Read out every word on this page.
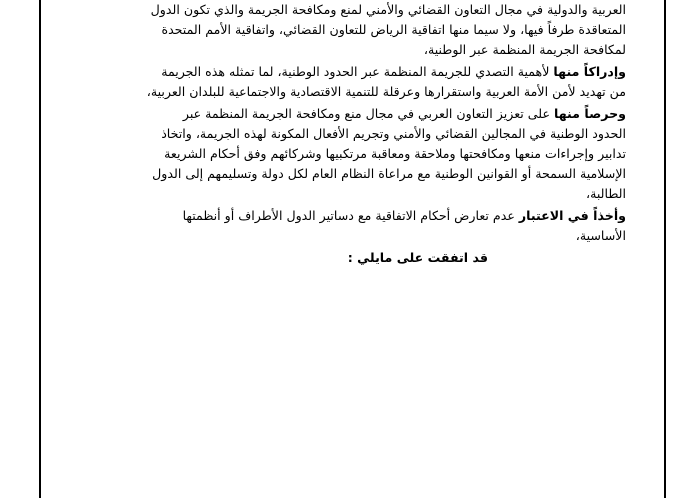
العربية والدولية في مجال التعاون القضائي والأمني لمنع ومكافحة الجريمة والذي تكون الدول
المتعاقدة طرفاً فيها، ولا سيما منها اتفاقية الرياض للتعاون القضائي، واتفاقية الأمم المتحدة
لمكافحة الجريمة المنظمة عبر الوطنية،
وإدراكاً منها لأهمية التصدي للجريمة المنظمة عبر الحدود الوطنية، لما تمثله هذه الجريمة
من تهديد لأمن الأمة العربية واستقرارها وعرقلة للتنمية الاقتصادية والاجتماعية للبلدان العربية،
وحرصاً منها على تعزيز التعاون العربي في مجال منع ومكافحة الجريمة المنظمة عبر
الحدود الوطنية في المجالين القضائي والأمني وتجريم الأفعال المكونة لهذه الجريمة، واتخاذ
تدابير وإجراءات منعها ومكافحتها وملاحقة ومعاقبة مرتكبيها وشركائهم وفق أحكام الشريعة
الإسلامية السمحة أو القوانين الوطنية مع مراعاة النظام العام لكل دولة وتسليمهم إلى الدول
الطالبة،
وأخذاً في الاعتبار عدم تعارض أحكام الاتفاقية مع دساتير الدول الأطراف أو أنظمتها
الأساسية،
قد اتفقت على مايلي :
